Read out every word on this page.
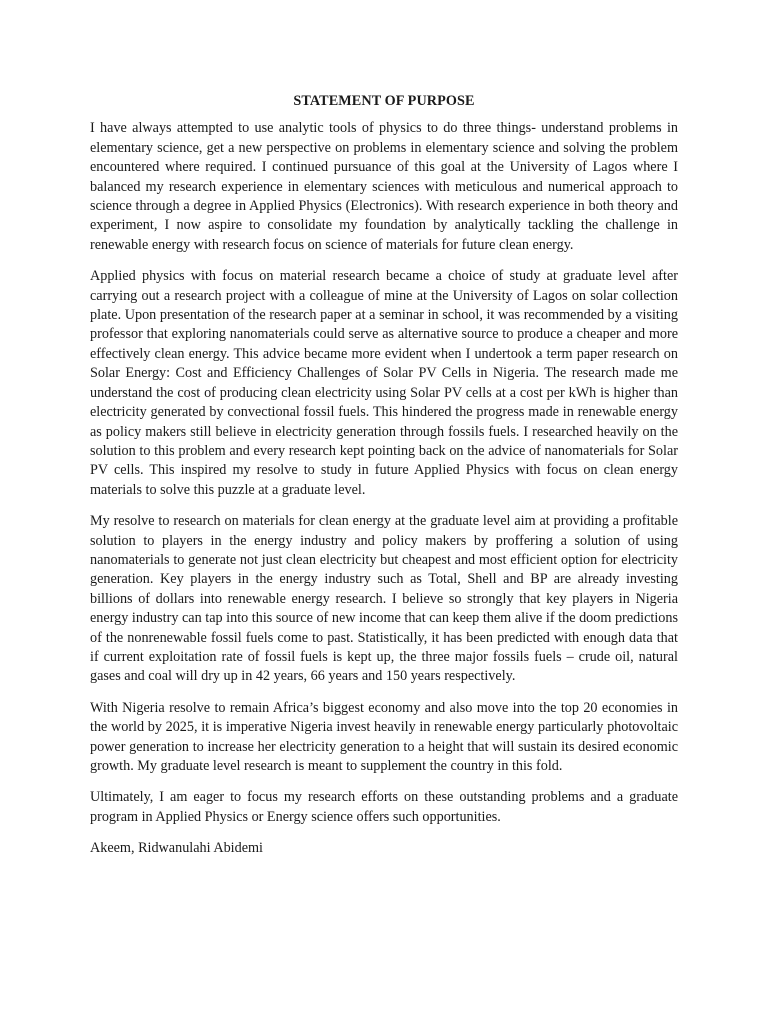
STATEMENT OF PURPOSE

I have always attempted to use analytic tools of physics to do three things- understand problems in elementary science, get a new perspective on problems in elementary science and solving the problem encountered where required. I continued pursuance of this goal at the University of Lagos where I balanced my research experience in elementary sciences with meticulous and numerical approach to science through a degree in Applied Physics (Electronics). With research experience in both theory and experiment, I now aspire to consolidate my foundation by analytically tackling the challenge in renewable energy with research focus on science of materials for future clean energy.

Applied physics with focus on material research became a choice of study at graduate level after carrying out a research project with a colleague of mine at the University of Lagos on solar collection plate. Upon presentation of the research paper at a seminar in school, it was recommended by a visiting professor that exploring nanomaterials could serve as alternative source to produce a cheaper and more effectively clean energy. This advice became more evident when I undertook a term paper research on Solar Energy: Cost and Efficiency Challenges of Solar PV Cells in Nigeria. The research made me understand the cost of producing clean electricity using Solar PV cells at a cost per kWh is higher than electricity generated by convectional fossil fuels. This hindered the progress made in renewable energy as policy makers still believe in electricity generation through fossils fuels. I researched heavily on the solution to this problem and every research kept pointing back on the advice of nanomaterials for Solar PV cells. This inspired my resolve to study in future Applied Physics with focus on clean energy materials to solve this puzzle at a graduate level.

My resolve to research on materials for clean energy at the graduate level aim at providing a profitable solution to players in the energy industry and policy makers by proffering a solution of using nanomaterials to generate not just clean electricity but cheapest and most efficient option for electricity generation. Key players in the energy industry such as Total, Shell and BP are already investing billions of dollars into renewable energy research. I believe so strongly that key players in Nigeria energy industry can tap into this source of new income that can keep them alive if the doom predictions of the nonrenewable fossil fuels come to past. Statistically, it has been predicted with enough data that if current exploitation rate of fossil fuels is kept up, the three major fossils fuels – crude oil, natural gases and coal will dry up in 42 years, 66 years and 150 years respectively.

With Nigeria resolve to remain Africa’s biggest economy and also move into the top 20 economies in the world by 2025, it is imperative Nigeria invest heavily in renewable energy particularly photovoltaic power generation to increase her electricity generation to a height that will sustain its desired economic growth. My graduate level research is meant to supplement the country in this fold.

Ultimately, I am eager to focus my research efforts on these outstanding problems and a graduate program in Applied Physics or Energy science offers such opportunities.

Akeem, Ridwanulahi Abidemi
